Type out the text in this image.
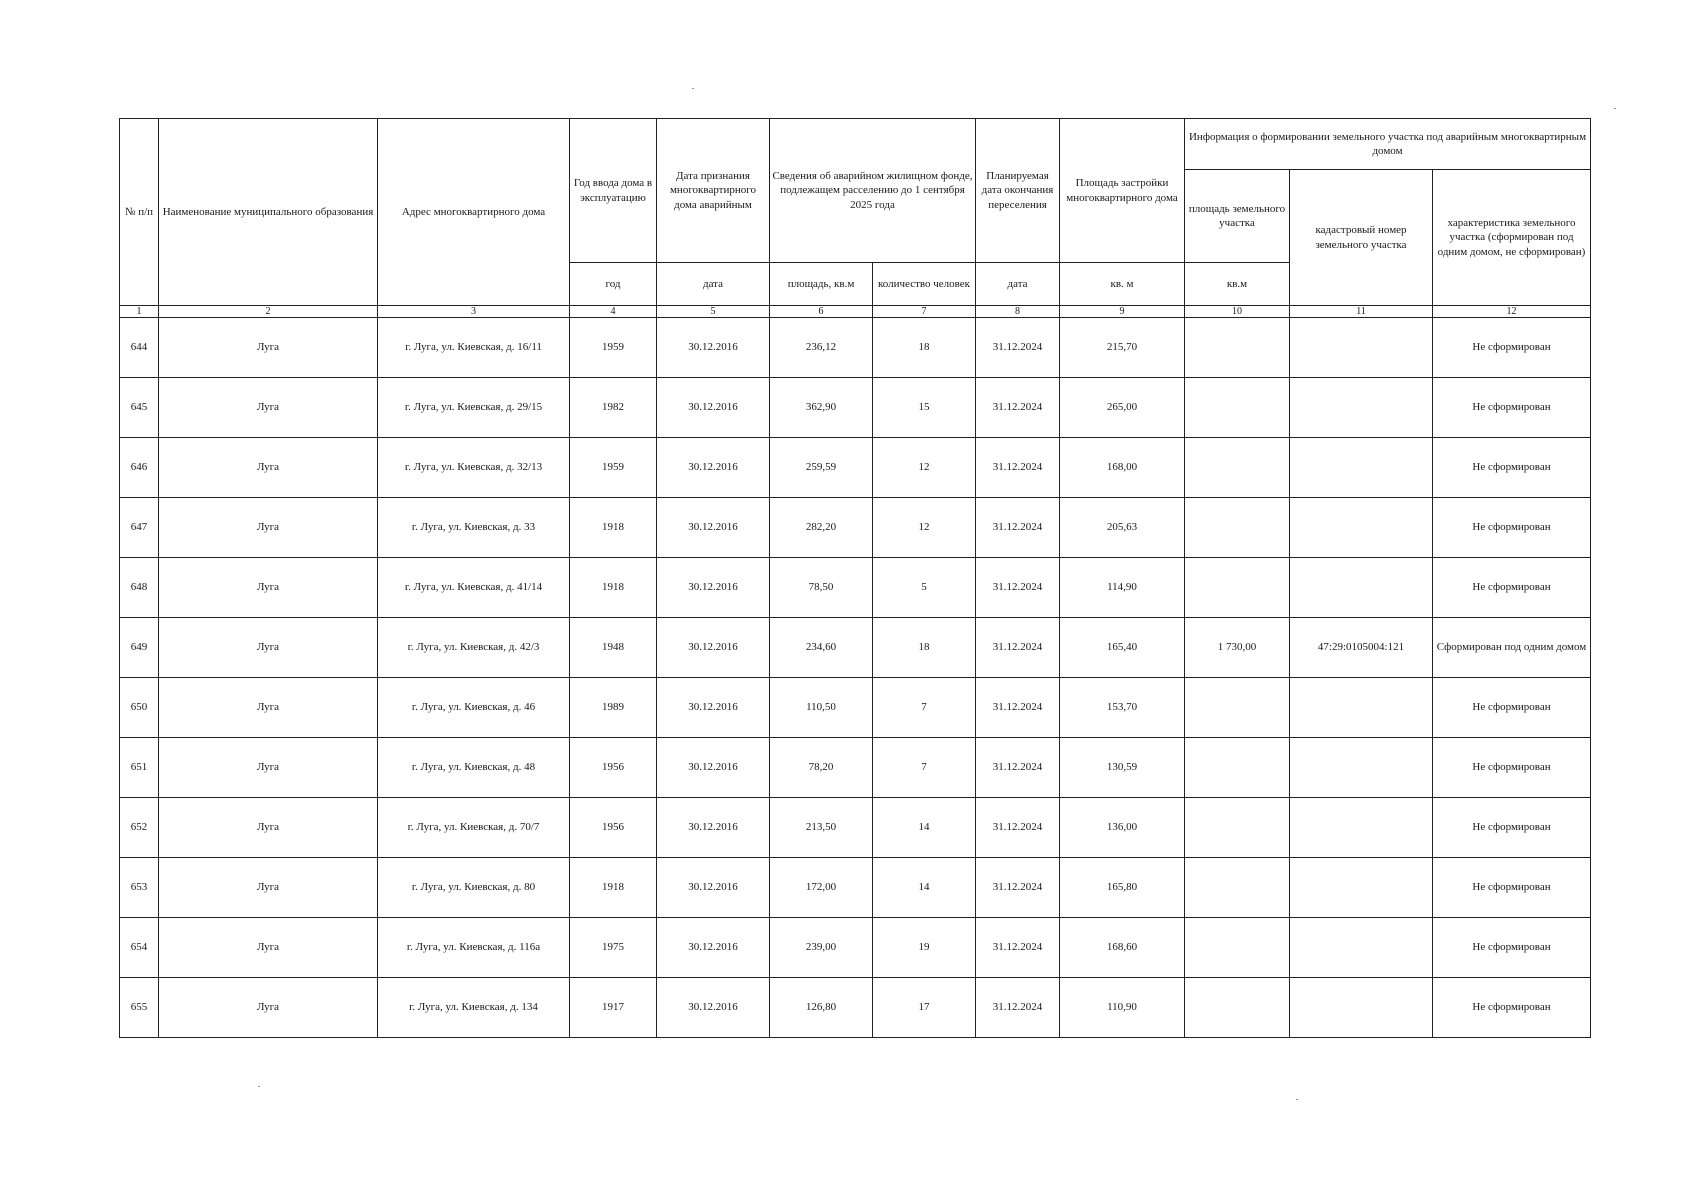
№ п/п	Наименование муниципального образования	Адрес многоквартирного дома	Год ввода дома в эксплуатацию	Дата признания многоквартирного дома аварийным	Сведения об аварийном жилищном фонде, подлежащем расселению до 1 сентября 2025 года		Планируемая дата окончания переселения	Площадь застройки многоквартирного дома	Информация о формировании земельного участка под аварийным многоквартирным домом		
									площадь земельного участка	кадастровый номер земельного участка	характеристика земельного участка (сформирован под одним домом, не сформирован)
			год	дата	площадь, кв.м	количество человек	дата	кв. м	кв.м		
1	2	3	4	5	6	7	8	9	10	11	12
644	Луга	г. Луга, ул. Киевская, д. 16/11	1959	30.12.2016	236,12	18	31.12.2024	215,70			Не сформирован
645	Луга	г. Луга, ул. Киевская, д. 29/15	1982	30.12.2016	362,90	15	31.12.2024	265,00			Не сформирован
646	Луга	г. Луга, ул. Киевская, д. 32/13	1959	30.12.2016	259,59	12	31.12.2024	168,00			Не сформирован
647	Луга	г. Луга, ул. Киевская, д. 33	1918	30.12.2016	282,20	12	31.12.2024	205,63			Не сформирован
648	Луга	г. Луга, ул. Киевская, д. 41/14	1918	30.12.2016	78,50	5	31.12.2024	114,90			Не сформирован
649	Луга	г. Луга, ул. Киевская, д. 42/3	1948	30.12.2016	234,60	18	31.12.2024	165,40	1 730,00	47:29:0105004:121	Сформирован под одним домом
650	Луга	г. Луга, ул. Киевская, д. 46	1989	30.12.2016	110,50	7	31.12.2024	153,70			Не сформирован
651	Луга	г. Луга, ул. Киевская, д. 48	1956	30.12.2016	78,20	7	31.12.2024	130,59			Не сформирован
652	Луга	г. Луга, ул. Киевская, д. 70/7	1956	30.12.2016	213,50	14	31.12.2024	136,00			Не сформирован
653	Луга	г. Луга, ул. Киевская, д. 80	1918	30.12.2016	172,00	14	31.12.2024	165,80			Не сформирован
654	Луга	г. Луга, ул. Киевская, д. 116а	1975	30.12.2016	239,00	19	31.12.2024	168,60			Не сформирован
655	Луга	г. Луга, ул. Киевская, д. 134	1917	30.12.2016	126,80	17	31.12.2024	110,90			Не сформирован
